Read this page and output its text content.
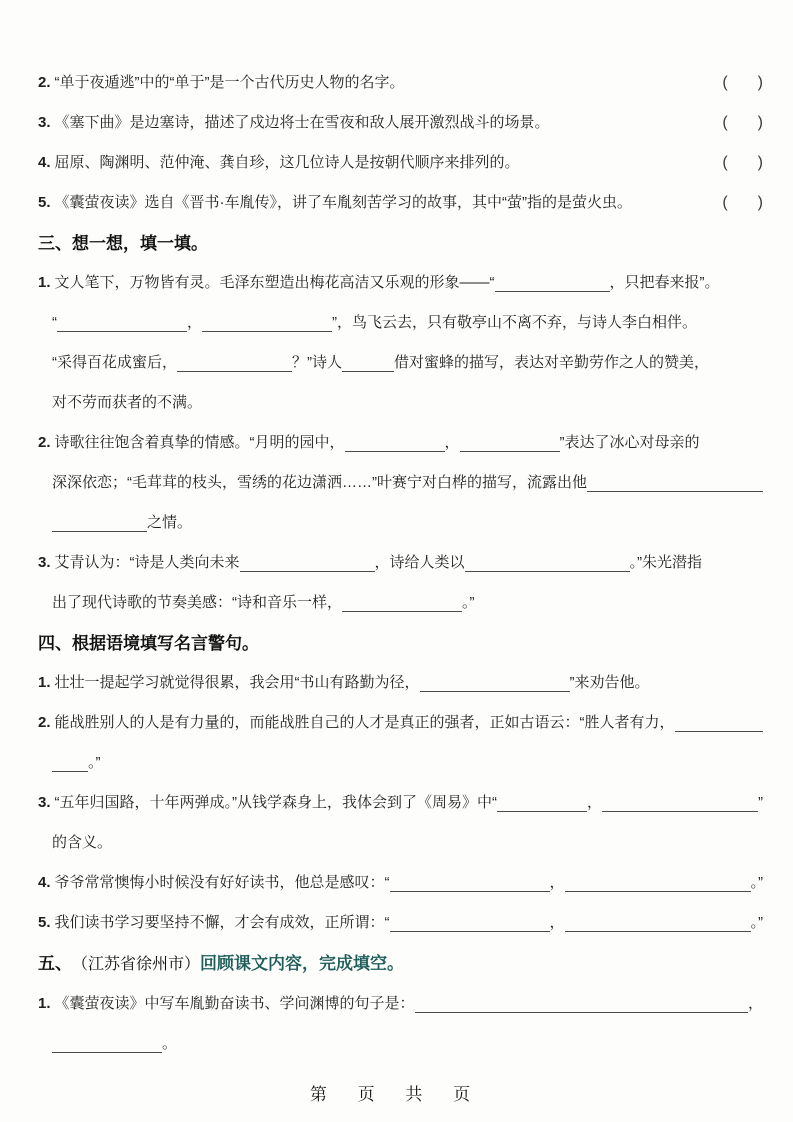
2. “单于夜遁逃”中的“单于”是一个古代历史人物的名字。	( )
3. 《塞下曲》是边塞诗，描述了戍边将士在雪夜和敌人展开激烈战斗的场景。	( )
4. 屈原、陶渊明、范仲淹、龚自珍，这几位诗人是按朝代顺序来排列的。	( )
5. 《囊萤夜读》选自《晋书·车胤传》，讲了车胤刻苦学习的故事，其中“萤”指的是萤火虫。	( )
三、想一想，填一填。
1. 文人笔下，万物皆有灵。毛泽东塑造出梅花高洁又乐观的形象——“	，只把春来报”。
“	，	”，鸟飞云去，只有敬亭山不离不弃，与诗人李白相伴。
“采得百花成蜜后，	？”诗人	借对蜜蜂的描写，表达对辛勤劳作之人的赞美，
对不劳而获者的不满。
2. 诗歌往往饱含着真挚的情感。“月明的园中，	，	”表达了冰心对母亲的
深深依恋；“毛茸茸的枝头，雪绣的花边潇洒……”叶赛宁对白桦的描写，流露出他
之情。
3. 艾青认为：“诗是人类向未来	，诗给人类以	。”朱光潜指
出了现代诗歌的节奏美感：“诗和音乐一样，	。”
四、根据语境填写名言警句。
1. 壮壮一提起学习就觉得很累，我会用“书山有路勤为径，	”来劝告他。
2. 能战胜别人的人是有力量的，而能战胜自己的人才是真正的强者，正如古语云：“胜人者有力，
。”
3. “五年归国路，十年两弹成。”从钱学森身上，我体会到了《周易》中“	，	”
的含义。
4. 爷爷常常懊悔小时候没有好好读书，他总是感叹：“	，	。”
5. 我们读书学习要坚持不懈，才会有成效，正所谓：“	，	。”
五、 （江苏省徐州市） 回顾课文内容，完成填空。
1. 《囊萤夜读》中写车胤勤奋读书、学问渊博的句子是：	，
。
第 页 共 页
